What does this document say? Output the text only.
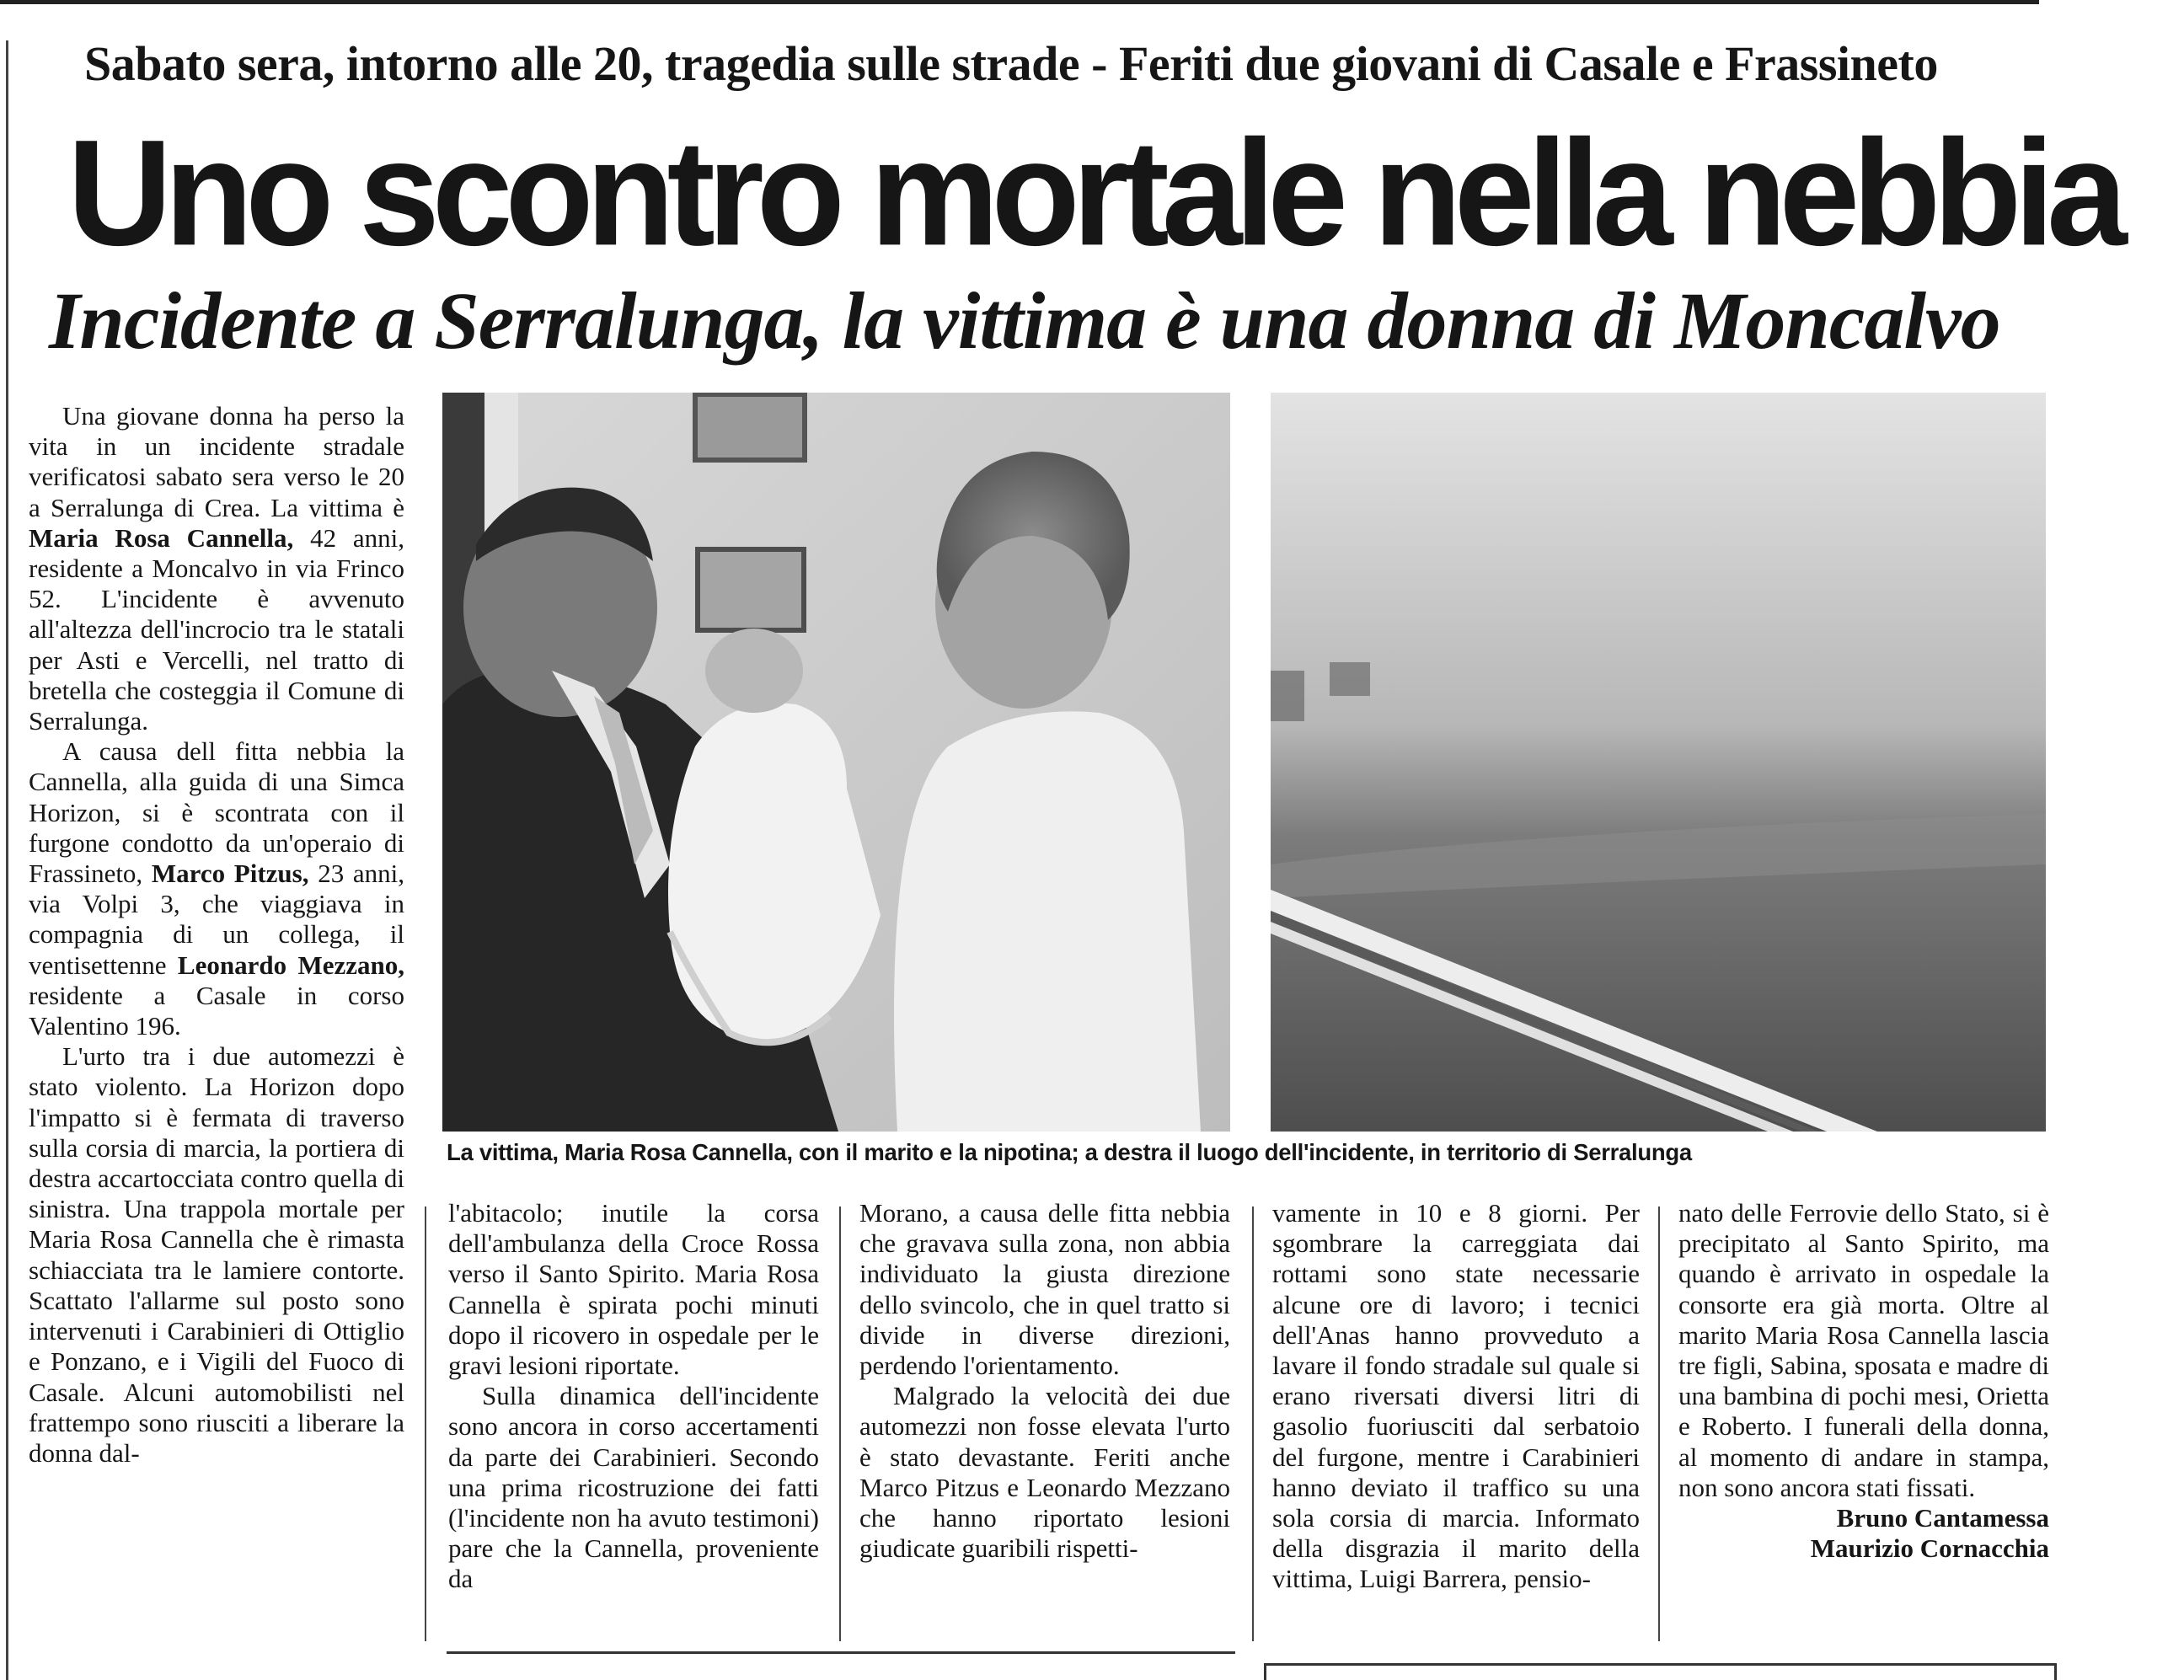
Sabato sera, intorno alle 20, tragedia sulle strade - Feriti due giovani di Casale e Frassineto
Uno scontro mortale nella nebbia
Incidente a Serralunga, la vittima è una donna di Moncalvo

Una giovane donna ha perso la vita in un incidente stradale verificatosi sabato sera verso le 20 a Serralunga di Crea. La vittima è Maria Rosa Cannella, 42 anni, residente a Moncalvo in via Frinco 52. L'incidente è avvenuto all'altezza dell'incrocio tra le statali per Asti e Vercelli, nel tratto di bretella che costeggia il Comune di Serralunga.

A causa dell fitta nebbia la Cannella, alla guida di una Simca Horizon, si è scontrata con il furgone condotto da un'operaio di Frassineto, Marco Pitzus, 23 anni, via Volpi 3, che viaggiava in compagnia di un collega, il ventisettenne Leonardo Mezzano, residente a Casale in corso Valentino 196.

L'urto tra i due automezzi è stato violento. La Horizon dopo l'impatto si è fermata di traverso sulla corsia di marcia, la portiera di destra accartocciata contro quella di sinistra. Una trappola mortale per Maria Rosa Cannella che è rimasta schiacciata tra le lamiere contorte. Scattato l'allarme sul posto sono intervenuti i Carabinieri di Ottiglio e Ponzano, e i Vigili del Fuoco di Casale. Alcuni automobilisti nel frattempo sono riusciti a liberare la donna dal-

La vittima, Maria Rosa Cannella, con il marito e la nipotina; a destra il luogo dell'incidente, in territorio di Serralunga

l'abitacolo; inutile la corsa dell'ambulanza della Croce Rossa verso il Santo Spirito. Maria Rosa Cannella è spirata pochi minuti dopo il ricovero in ospedale per le gravi lesioni riportate.

Sulla dinamica dell'incidente sono ancora in corso accertamenti da parte dei Carabinieri. Secondo una prima ricostruzione dei fatti (l'incidente non ha avuto testimoni) pare che la Cannella, proveniente da

Morano, a causa delle fitta nebbia che gravava sulla zona, non abbia individuato la giusta direzione dello svincolo, che in quel tratto si divide in diverse direzioni, perdendo l'orientamento.

Malgrado la velocità dei due automezzi non fosse elevata l'urto è stato devastante. Feriti anche Marco Pitzus e Leonardo Mezzano che hanno riportato lesioni giudicate guaribili rispetti-

vamente in 10 e 8 giorni. Per sgombrare la carreggiata dai rottami sono state necessarie alcune ore di lavoro; i tecnici dell'Anas hanno provveduto a lavare il fondo stradale sul quale si erano riversati diversi litri di gasolio fuoriusciti dal serbatoio del furgone, mentre i Carabinieri hanno deviato il traffico su una sola corsia di marcia. Informato della disgrazia il marito della vittima, Luigi Barrera, pensio-

nato delle Ferrovie dello Stato, si è precipitato al Santo Spirito, ma quando è arrivato in ospedale la consorte era già morta. Oltre al marito Maria Rosa Cannella lascia tre figli, Sabina, sposata e madre di una bambina di pochi mesi, Orietta e Roberto. I funerali della donna, al momento di andare in stampa, non sono ancora stati fissati.

Bruno Cantamessa
Maurizio Cornacchia
